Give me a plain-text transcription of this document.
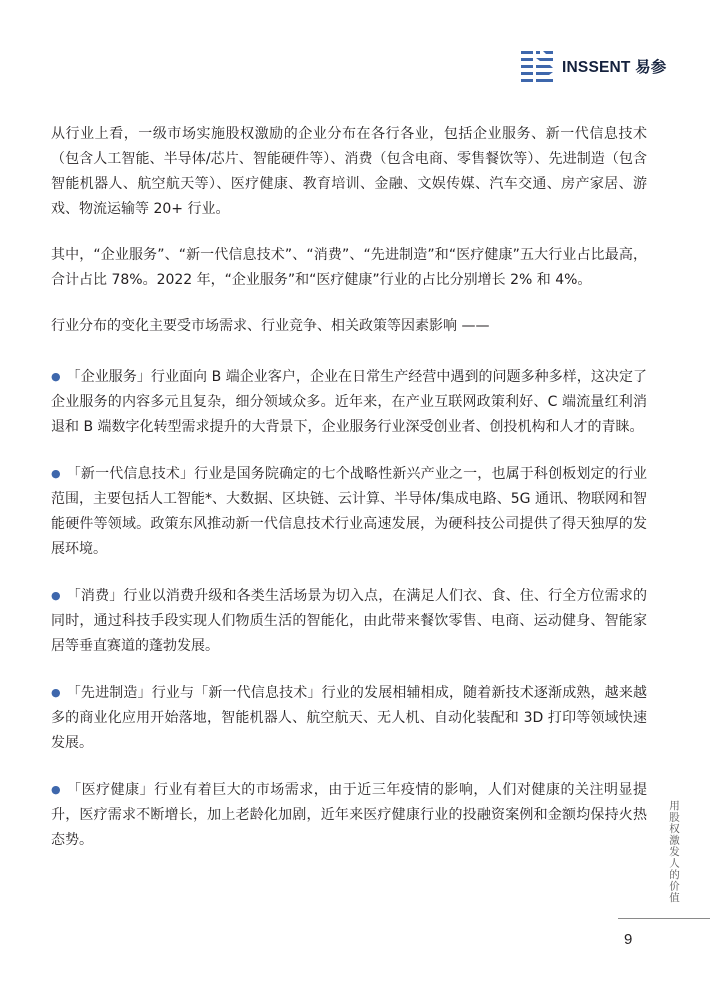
INSSENT 易参

从行业上看，一级市场实施股权激励的企业分布在各行各业，包括企业服务、新一代信息技术（包含人工智能、半导体/芯片、智能硬件等）、消费（包含电商、零售餐饮等）、先进制造（包含智能机器人、航空航天等）、医疗健康、教育培训、金融、文娱传媒、汽车交通、房产家居、游戏、物流运输等 20+ 行业。

其中，“企业服务”、“新一代信息技术”、“消费”、“先进制造”和“医疗健康”五大行业占比最高，合计占比 78%。2022 年，“企业服务”和“医疗健康”行业的占比分别增长 2% 和 4%。

行业分布的变化主要受市场需求、行业竞争、相关政策等因素影响 ——

● 「企业服务」行业面向 B 端企业客户，企业在日常生产经营中遇到的问题多种多样，这决定了企业服务的内容多元且复杂，细分领域众多。近年来，在产业互联网政策利好、C 端流量红利消退和 B 端数字化转型需求提升的大背景下，企业服务行业深受创业者、创投机构和人才的青睐。

● 「新一代信息技术」行业是国务院确定的七个战略性新兴产业之一，也属于科创板划定的行业范围，主要包括人工智能*、大数据、区块链、云计算、半导体/集成电路、5G 通讯、物联网和智能硬件等领域。政策东风推动新一代信息技术行业高速发展，为硬科技公司提供了得天独厚的发展环境。

● 「消费」行业以消费升级和各类生活场景为切入点，在满足人们衣、食、住、行全方位需求的同时，通过科技手段实现人们物质生活的智能化，由此带来餐饮零售、电商、运动健身、智能家居等垂直赛道的蓬勃发展。

● 「先进制造」行业与「新一代信息技术」行业的发展相辅相成，随着新技术逐渐成熟，越来越多的商业化应用开始落地，智能机器人、航空航天、无人机、自动化装配和 3D 打印等领域快速发展。

● 「医疗健康」行业有着巨大的市场需求，由于近三年疫情的影响，人们对健康的关注明显提升，医疗需求不断增长，加上老龄化加剧，近年来医疗健康行业的投融资案例和金额均保持火热态势。	用股权激发人的价值
9
